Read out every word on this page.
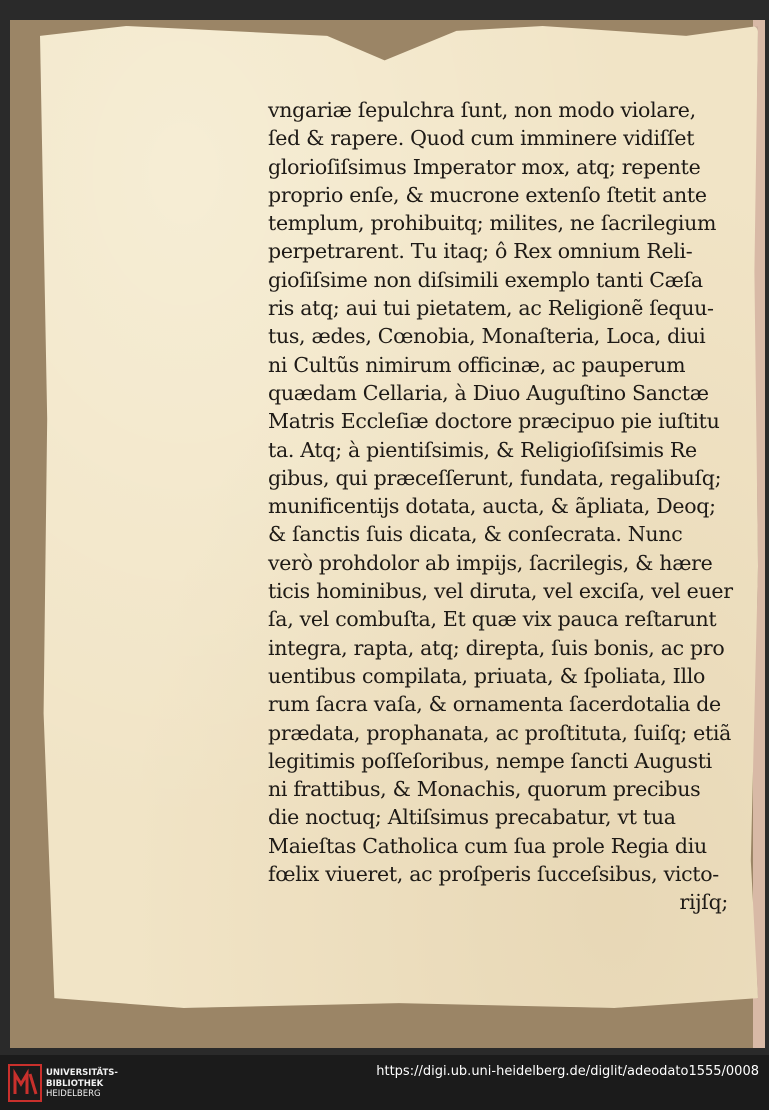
vngariæ ſepulchra ſunt, non modo violare,
ſed & rapere. Quod cum imminere vidiſſet
glorioſiſsimus Imperator mox, atq; repente
proprio enſe, & mucrone extenſo ſtetit ante
templum, prohibuitq; milites, ne ſacrilegium
perpetrarent. Tu itaq; ô Rex omnium Reli-
gioſiſsime non diſsimili exemplo tanti Cæſa
ris atq; aui tui pietatem, ac Religionẽ ſequu-
tus, ædes, Cœnobia, Monaſteria, Loca, diui
ni Cultũs nimirum officinæ, ac pauperum
quædam Cellaria, à Diuo Auguſtino Sanctæ
Matris Eccleſiæ doctore præcipuo pie iuſtitu
ta. Atq; à pientiſsimis, & Religioſiſsimis Re
gibus, qui præceſſerunt, fundata, regalibuſq;
munificentijs dotata, aucta, & ãpliata, Deoq;
& ſanctis ſuis dicata, & conſecrata. Nunc
verò prohdolor ab impijs, ſacrilegis, & hære
ticis hominibus, vel diruta, vel exciſa, vel euer
ſa, vel combuſta, Et quæ vix pauca reſtarunt
integra, rapta, atq; direpta, ſuis bonis, ac pro
uentibus compilata, priuata, & ſpoliata, Illo
rum ſacra vaſa, & ornamenta ſacerdotalia de
prædata, prophanata, ac proſtituta, ſuiſq; etiã
legitimis poſſeſoribus, nempe ſancti Augusti
ni frattibus, & Monachis, quorum precibus
die noctuq; Altiſsimus precabatur, vt tua
Maieſtas Catholica cum ſua prole Regia diu
fœlix viueret, ac proſperis ſucceſsibus, victo-
rijſq;
UNIVERSITÄTS-
BIBLIOTHEK
HEIDELBERG
https://digi.ub.uni-heidelberg.de/diglit/adeodato1555/0008
